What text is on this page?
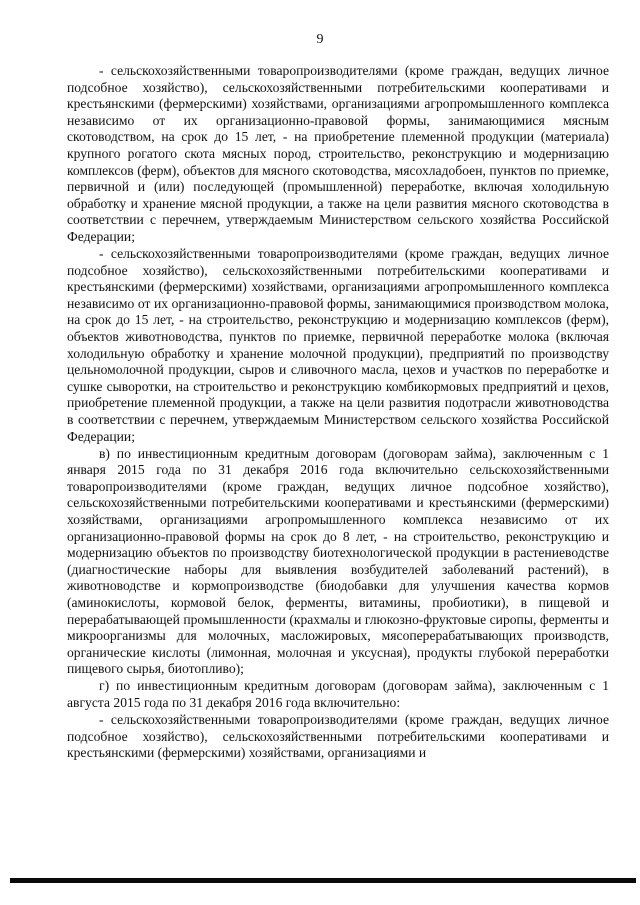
9

- сельскохозяйственными товаропроизводителями (кроме граждан, ведущих личное подсобное хозяйство), сельскохозяйственными потребительскими кооперативами и крестьянскими (фермерскими) хозяйствами, организациями агропромышленного комплекса независимо от их организационно-правовой формы, занимающимися мясным скотоводством, на срок до 15 лет, - на приобретение племенной продукции (материала) крупного рогатого скота мясных пород, строительство, реконструкцию и модернизацию комплексов (ферм), объектов для мясного скотоводства, мясохладобоен, пунктов по приемке, первичной и (или) последующей (промышленной) переработке, включая холодильную обработку и хранение мясной продукции, а также на цели развития мясного скотоводства в соответствии с перечнем, утверждаемым Министерством сельского хозяйства Российской Федерации;

- сельскохозяйственными товаропроизводителями (кроме граждан, ведущих личное подсобное хозяйство), сельскохозяйственными потребительскими кооперативами и крестьянскими (фермерскими) хозяйствами, организациями агропромышленного комплекса независимо от их организационно-правовой формы, занимающимися производством молока, на срок до 15 лет, - на строительство, реконструкцию и модернизацию комплексов (ферм), объектов животноводства, пунктов по приемке, первичной переработке молока (включая холодильную обработку и хранение молочной продукции), предприятий по производству цельномолочной продукции, сыров и сливочного масла, цехов и участков по переработке и сушке сыворотки, на строительство и реконструкцию комбикормовых предприятий и цехов, приобретение племенной продукции, а также на цели развития подотрасли животноводства в соответствии с перечнем, утверждаемым Министерством сельского хозяйства Российской Федерации;

в) по инвестиционным кредитным договорам (договорам займа), заключенным с 1 января 2015 года по 31 декабря 2016 года включительно сельскохозяйственными товаропроизводителями (кроме граждан, ведущих личное подсобное хозяйство), сельскохозяйственными потребительскими кооперативами и крестьянскими (фермерскими) хозяйствами, организациями агропромышленного комплекса независимо от их организационно-правовой формы на срок до 8 лет, - на строительство, реконструкцию и модернизацию объектов по производству биотехнологической продукции в растениеводстве (диагностические наборы для выявления возбудителей заболеваний растений), в животноводстве и кормопроизводстве (биодобавки для улучшения качества кормов (аминокислоты, кормовой белок, ферменты, витамины, пробиотики), в пищевой и перерабатывающей промышленности (крахмалы и глюкозно-фруктовые сиропы, ферменты и микроорганизмы для молочных, масложировых, мясоперерабатывающих производств, органические кислоты (лимонная, молочная и уксусная), продукты глубокой переработки пищевого сырья, биотопливо);

г) по инвестиционным кредитным договорам (договорам займа), заключенным с 1 августа 2015 года по 31 декабря 2016 года включительно:

- сельскохозяйственными товаропроизводителями (кроме граждан, ведущих личное подсобное хозяйство), сельскохозяйственными потребительскими кооперативами и крестьянскими (фермерскими) хозяйствами, организациями и
